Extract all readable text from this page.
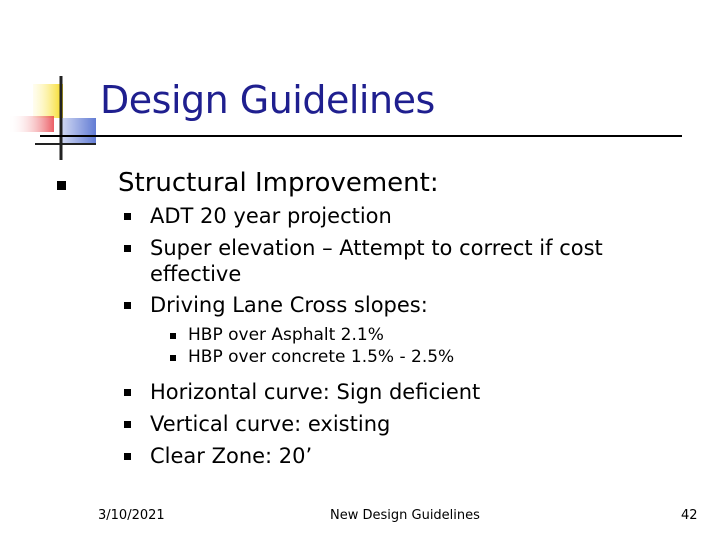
Design Guidelines
Structural Improvement:
ADT 20 year projection
Super elevation – Attempt to correct if cost
effective
Driving Lane Cross slopes:
HBP over Asphalt 2.1%
HBP over concrete 1.5% - 2.5%
Horizontal curve: Sign deficient
Vertical curve: existing
Clear Zone: 20’
3/10/2021	New Design Guidelines	42
